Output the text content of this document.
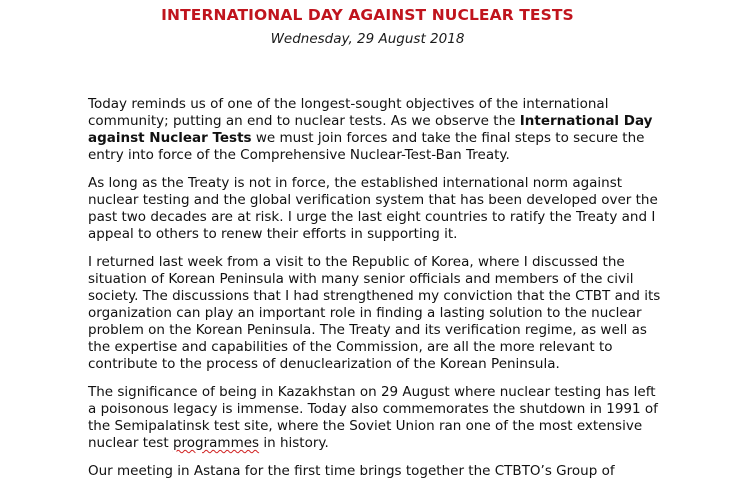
INTERNATIONAL DAY AGAINST NUCLEAR TESTS
Wednesday, 29 August 2018

Today reminds us of one of the longest-sought objectives of the international
community; putting an end to nuclear tests. As we observe the International Day
against Nuclear Tests we must join forces and take the final steps to secure the
entry into force of the Comprehensive Nuclear-Test-Ban Treaty.

As long as the Treaty is not in force, the established international norm against
nuclear testing and the global verification system that has been developed over the
past two decades are at risk. I urge the last eight countries to ratify the Treaty and I
appeal to others to renew their efforts in supporting it.

I returned last week from a visit to the Republic of Korea, where I discussed the
situation of Korean Peninsula with many senior officials and members of the civil
society. The discussions that I had strengthened my conviction that the CTBT and its
organization can play an important role in finding a lasting solution to the nuclear
problem on the Korean Peninsula. The Treaty and its verification regime, as well as
the expertise and capabilities of the Commission, are all the more relevant to
contribute to the process of denuclearization of the Korean Peninsula.

The significance of being in Kazakhstan on 29 August where nuclear testing has left
a poisonous legacy is immense. Today also commemorates the shutdown in 1991 of
the Semipalatinsk test site, where the Soviet Union ran one of the most extensive
nuclear test programmes in history.

Our meeting in Astana for the first time brings together the CTBTO’s Group of
